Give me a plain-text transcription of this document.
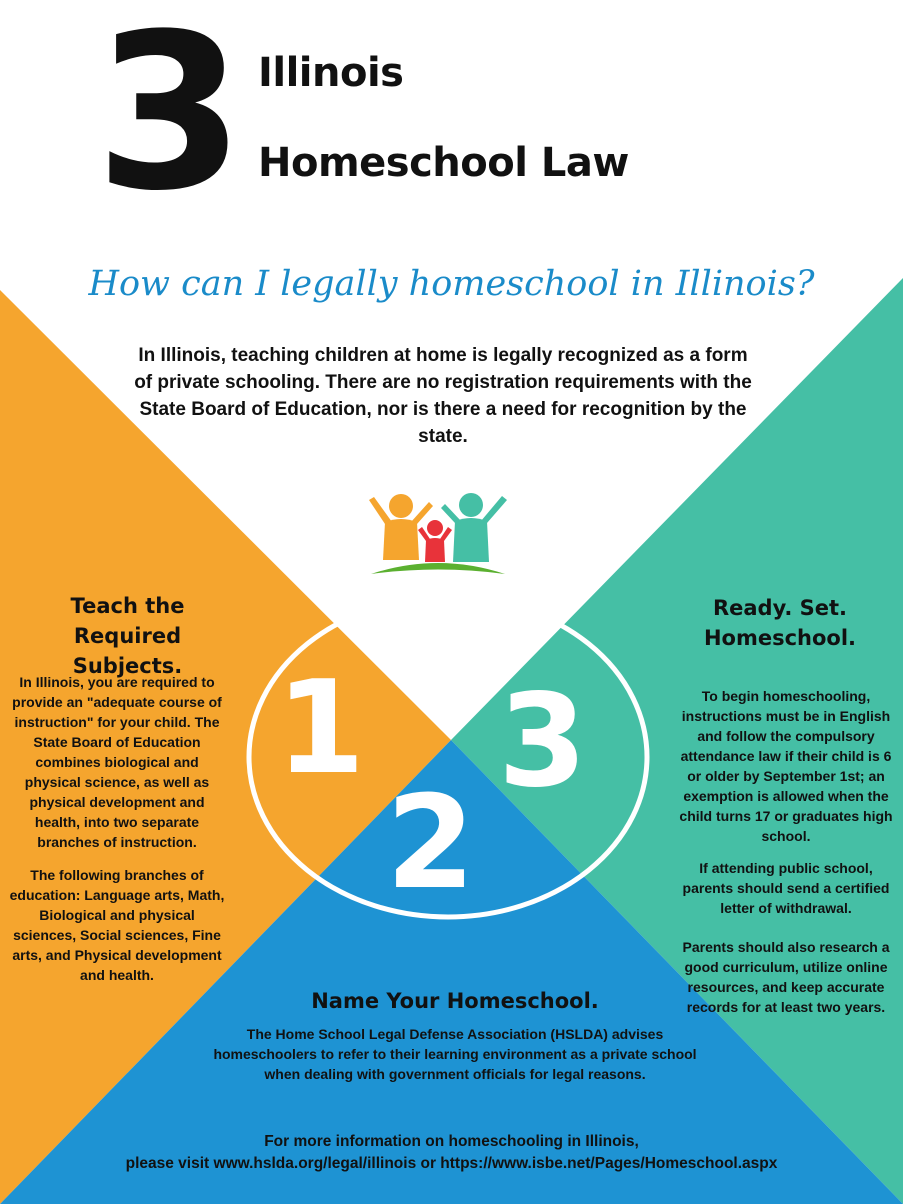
3 Illinois
Homeschool Law
How can I legally homeschool in Illinois?
In Illinois, teaching children at home is legally recognized as a form of private schooling. There are no registration requirements with the State Board of Education, nor is there a need for recognition by the state.
1
2
3
Teach the Required Subjects.
In Illinois, you are required to provide an "adequate course of instruction" for your child. The State Board of Education combines biological and physical science, as well as physical development and health, into two separate branches of instruction.
The following branches of education: Language arts, Math, Biological and physical sciences, Social sciences, Fine arts, and Physical development and health.
Ready. Set. Homeschool.
To begin homeschooling, instructions must be in English and follow the compulsory attendance law if their child is 6 or older by September 1st; an exemption is allowed when the child turns 17 or graduates high school.
If attending public school, parents should send a certified letter of withdrawal.
Parents should also research a good curriculum, utilize online resources, and keep accurate records for at least two years.
Name Your Homeschool.
The Home School Legal Defense Association (HSLDA) advises homeschoolers to refer to their learning environment as a private school when dealing with government officials for legal reasons.
For more information on homeschooling in Illinois,
please visit www.hslda.org/legal/illinois or https://www.isbe.net/Pages/Homeschool.aspx
